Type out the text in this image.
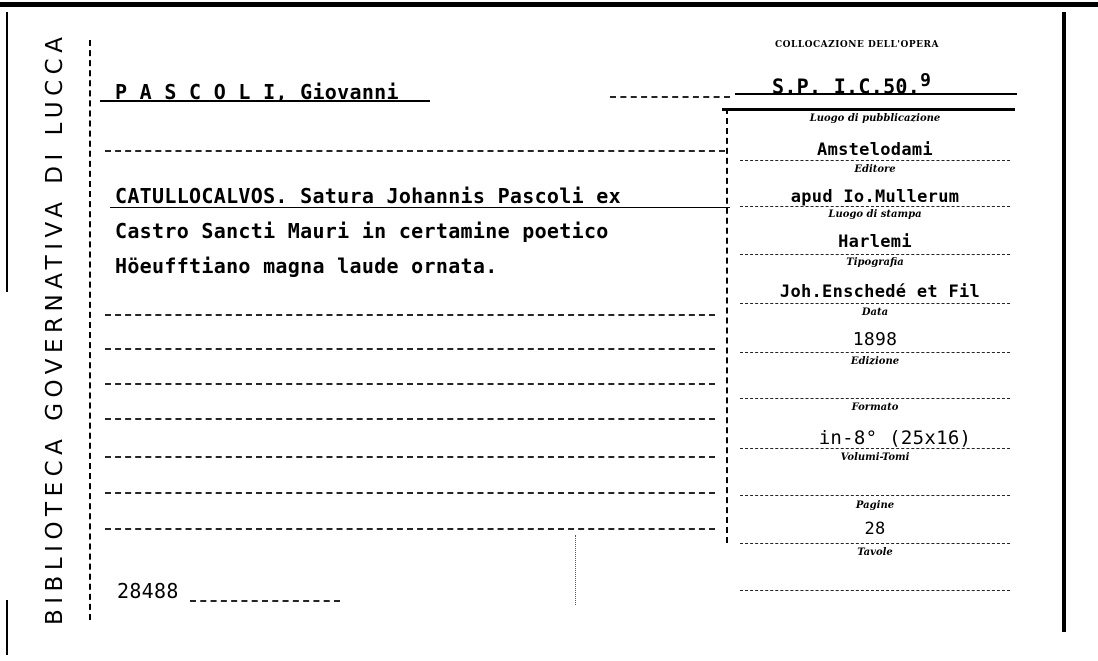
BIBLIOTECA GOVERNATIVA DI LUCCA P A S C O L I, Giovanni
CATULLOCALVOS. Satura Johannis Pascoli ex
Castro Sancti Mauri in certamine poetico
Höeufftiano magna laude ornata.
28488
COLLOCAZIONE DELL'OPERA
S.P. I.C.50.$^9$
Luogo di pubblicazione
Amstelodami
Editore
apud Io.Mullerum
Luogo di stampa
Harlemi
Tipografia
Joh.Enschedé et Fil
Data
1898
Edizione
Formato
in-8° (25x16)
Volumi-Tomi
Pagine
28
Tavole
